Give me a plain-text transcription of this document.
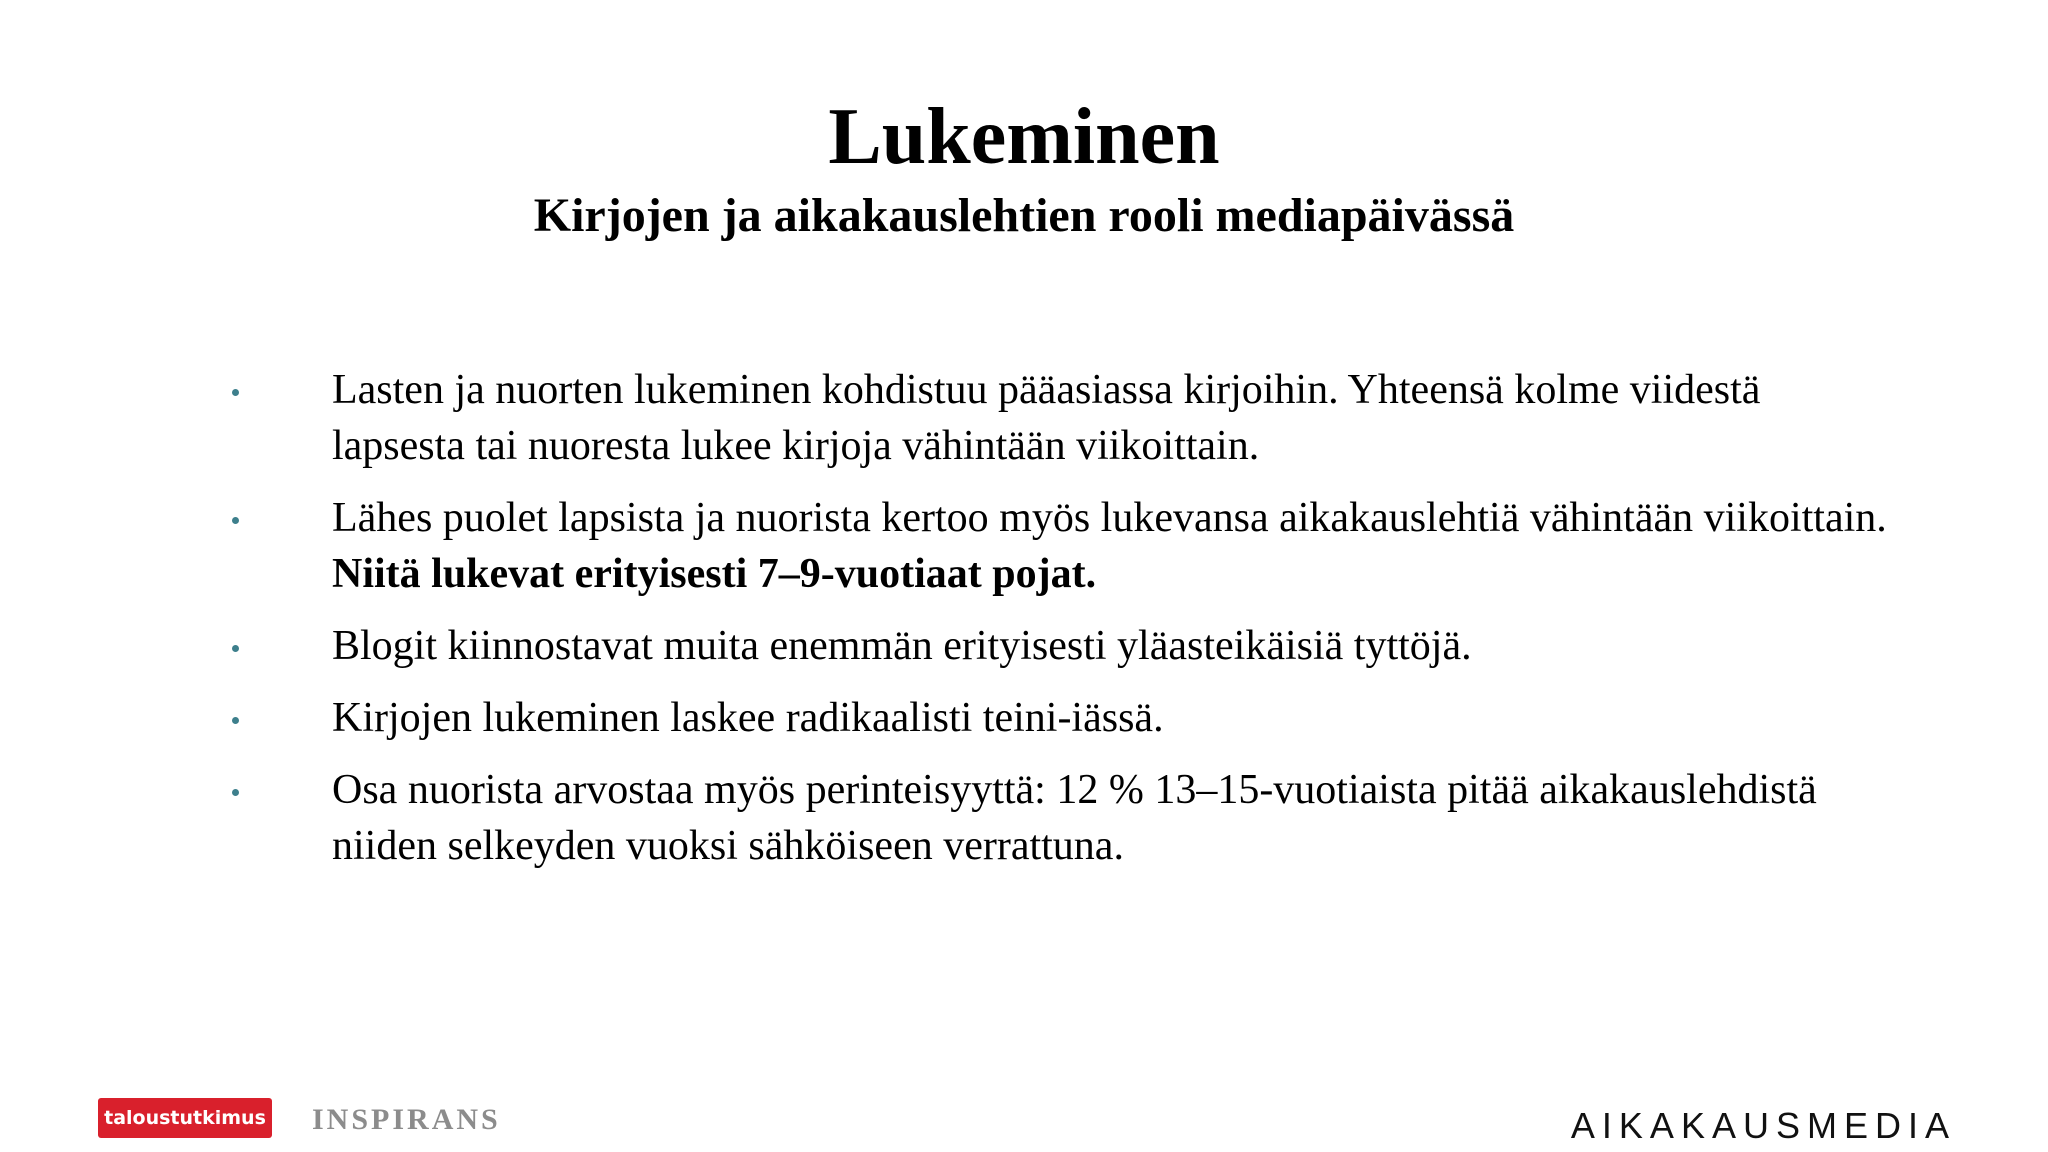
Lukeminen
Kirjojen ja aikakauslehtien rooli mediapäivässä
Lasten ja nuorten lukeminen kohdistuu pääasiassa kirjoihin. Yhteensä kolme viidestä lapsesta tai nuoresta lukee kirjoja vähintään viikoittain.
Lähes puolet lapsista ja nuorista kertoo myös lukevansa aikakauslehtiä vähintään viikoittain. Niitä lukevat erityisesti 7–9-vuotiaat pojat.
Blogit kiinnostavat muita enemmän erityisesti yläasteikäisiä tyttöjä.
Kirjojen lukeminen laskee radikaalisti teini-iässä.
Osa nuorista arvostaa myös perinteisyyttä: 12 % 13–15-vuotiaista pitää aikakauslehdistä niiden selkeyden vuoksi sähköiseen verrattuna.
taloustutkimus INSPIRANS	AIKAKAUSMEDIA
